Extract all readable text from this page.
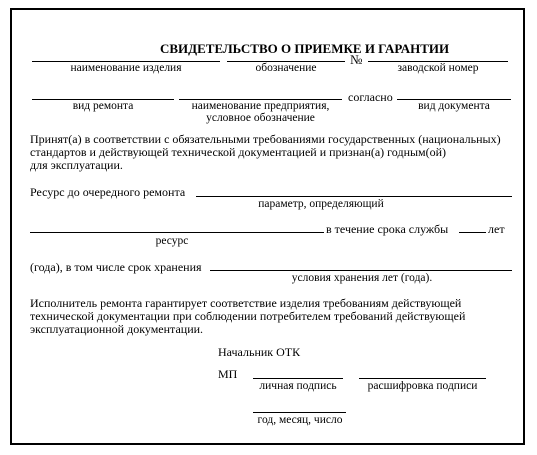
СВИДЕТЕЛЬСТВО О ПРИЕМКЕ И ГАРАНТИИ
№
наименование изделия	обозначение	заводской номер
согласно
вид ремонта	наименование предприятия,
условное обозначение
вид документа
Принят(а) в соответствии с обязательными требованиями государственных (национальных)
стандартов и действующей технической документацией и признан(а) годным(ой)
для эксплуатации.
Ресурс до очередного ремонта
параметр, определяющий
в течение срока службы	лет
ресурс
(года), в том числе срок хранения
условия хранения лет (года).
Исполнитель ремонта гарантирует соответствие изделия требованиям действующей
технической документации при соблюдении потребителем требований действующей
эксплуатационной документации.
Начальник ОТК
МП
личная подпись	расшифровка подписи
год, месяц, число
